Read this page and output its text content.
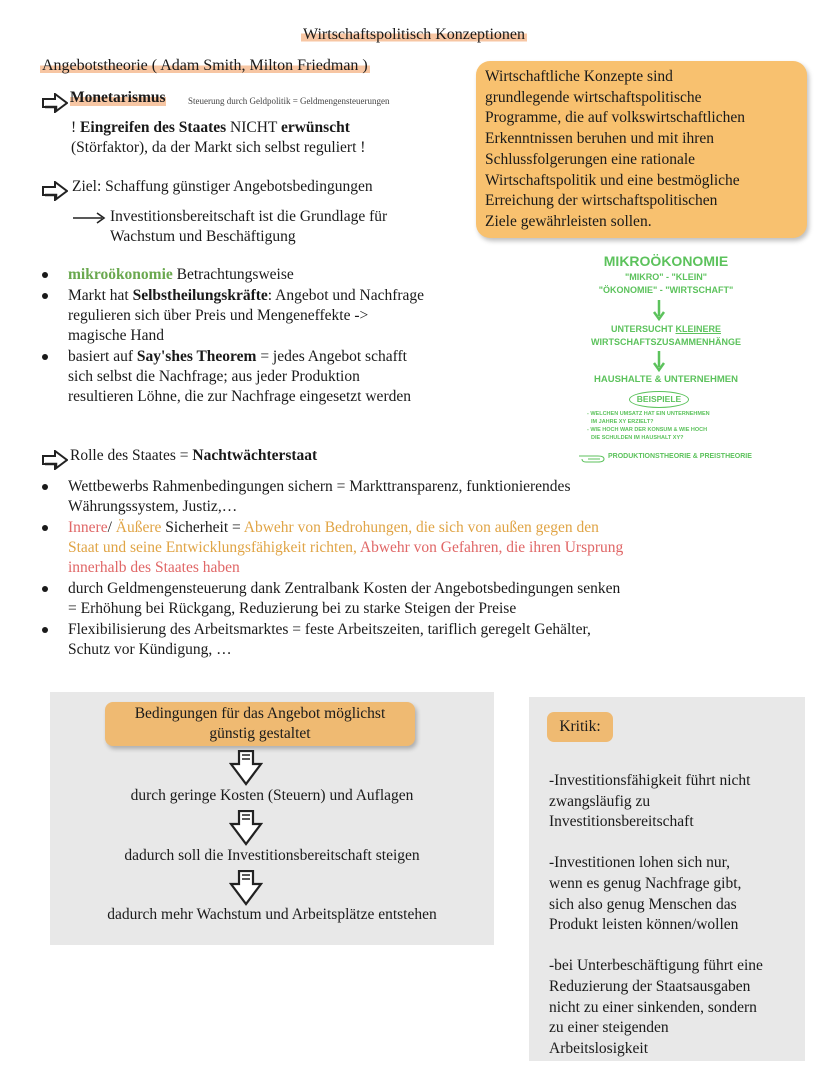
Wirtschaftspolitisch Konzeptionen
Angebotstheorie ( Adam Smith, Milton Friedman )
Monetarismus Steuerung durch Geldpolitik = Geldmengensteuerungen
! Eingreifen des Staates NICHT erwünscht
(Störfaktor), da der Markt sich selbst reguliert !
Ziel: Schaffung günstiger Angebotsbedingungen
Investitionsbereitschaft ist die Grundlage für
Wachstum und Beschäftigung
mikroökonomie Betrachtungsweise
Markt hat Selbstheilungskräfte: Angebot und Nachfrage
regulieren sich über Preis und Mengeneffekte ->
magische Hand
basiert auf Say'shes Theorem = jedes Angebot schafft
sich selbst die Nachfrage; aus jeder Produktion
resultieren Löhne, die zur Nachfrage eingesetzt werden
Wirtschaftliche Konzepte sind
grundlegende wirtschaftspolitische
Programme, die auf volkswirtschaftlichen
Erkenntnissen beruhen und mit ihren
Schlussfolgerungen eine rationale
Wirtschaftspolitik und eine bestmögliche
Erreichung der wirtschaftspolitischen
Ziele gewährleisten sollen.
MIKROÖKONOMIE
"MIKRO" - "KLEIN"
"ÖKONOMIE" - "WIRTSCHAFT"
UNTERSUCHT KLEINERE
WIRTSCHAFTSZUSAMMENHÄNGE
HAUSHALTE & UNTERNEHMEN
BEISPIELE
- WELCHEN UMSATZ HAT EIN UNTERNEHMEN
IM JAHRE XY ERZIELT?
- WIE HOCH WAR DER KONSUM & WIE HOCH
DIE SCHULDEN IM HAUSHALT XY?
PRODUKTIONSTHEORIE & PREISTHEORIE
Rolle des Staates = Nachtwächterstaat
Wettbewerbs Rahmenbedingungen sichern = Markttransparenz, funktionierendes
Währungssystem, Justiz,…
Innere/ Äußere Sicherheit = Abwehr von Bedrohungen, die sich von außen gegen den
Staat und seine Entwicklungsfähigkeit richten, Abwehr von Gefahren, die ihren Ursprung
innerhalb des Staates haben
durch Geldmengensteuerung dank Zentralbank Kosten der Angebotsbedingungen senken
= Erhöhung bei Rückgang, Reduzierung bei zu starke Steigen der Preise
Flexibilisierung des Arbeitsmarktes = feste Arbeitszeiten, tariflich geregelt Gehälter,
Schutz vor Kündigung, …
Bedingungen für das Angebot möglichst
günstig gestaltet
durch geringe Kosten (Steuern) und Auflagen
dadurch soll die Investitionsbereitschaft steigen
dadurch mehr Wachstum und Arbeitsplätze entstehen
Kritik:
-Investitionsfähigkeit führt nicht
zwangsläufig zu
Investitionsbereitschaft
-Investitionen lohen sich nur,
wenn es genug Nachfrage gibt,
sich also genug Menschen das
Produkt leisten können/wollen
-bei Unterbeschäftigung führt eine
Reduzierung der Staatsausgaben
nicht zu einer sinkenden, sondern
zu einer steigenden
Arbeitslosigkeit
